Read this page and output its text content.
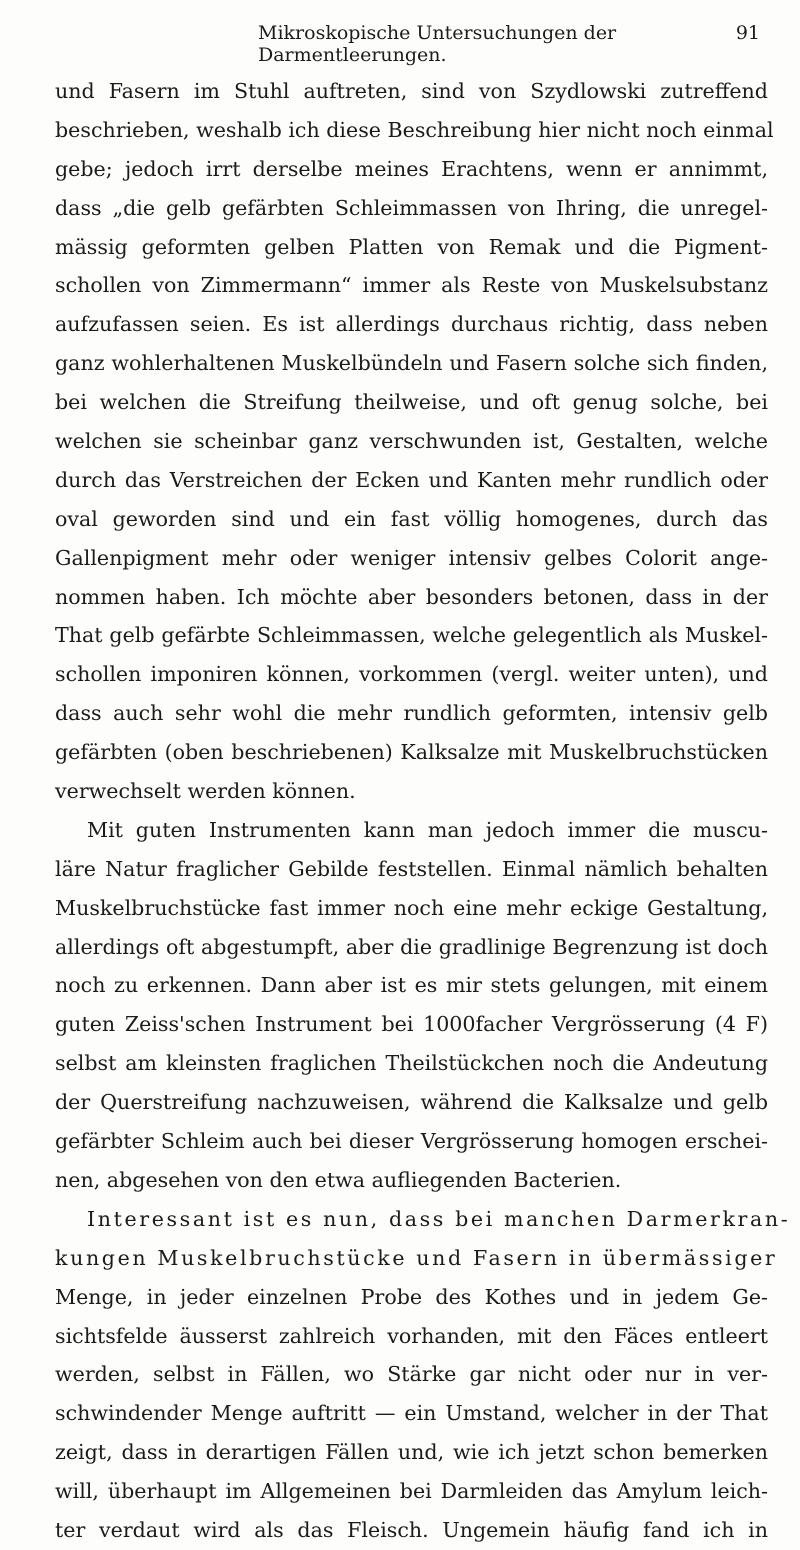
Mikroskopische Untersuchungen der Darmentleerungen.
91
und Fasern im Stuhl auftreten, sind von Szydlowski zutreffend
beschrieben, weshalb ich diese Beschreibung hier nicht noch einmal
gebe; jedoch irrt derselbe meines Erachtens, wenn er annimmt,
dass „die gelb gefärbten Schleimmassen von Ihring, die unregel-
mässig geformten gelben Platten von Remak und die Pigment-
schollen von Zimmermann“ immer als Reste von Muskelsubstanz
aufzufassen seien. Es ist allerdings durchaus richtig, dass neben
ganz wohlerhaltenen Muskelbündeln und Fasern solche sich finden,
bei welchen die Streifung theilweise, und oft genug solche, bei
welchen sie scheinbar ganz verschwunden ist, Gestalten, welche
durch das Verstreichen der Ecken und Kanten mehr rundlich oder
oval geworden sind und ein fast völlig homogenes, durch das
Gallenpigment mehr oder weniger intensiv gelbes Colorit ange-
nommen haben. Ich möchte aber besonders betonen, dass in der
That gelb gefärbte Schleimmassen, welche gelegentlich als Muskel-
schollen imponiren können, vorkommen (vergl. weiter unten), und
dass auch sehr wohl die mehr rundlich geformten, intensiv gelb
gefärbten (oben beschriebenen) Kalksalze mit Muskelbruchstücken
verwechselt werden können.
Mit guten Instrumenten kann man jedoch immer die muscu-
läre Natur fraglicher Gebilde feststellen. Einmal nämlich behalten
Muskelbruchstücke fast immer noch eine mehr eckige Gestaltung,
allerdings oft abgestumpft, aber die gradlinige Begrenzung ist doch
noch zu erkennen. Dann aber ist es mir stets gelungen, mit einem
guten Zeiss'schen Instrument bei 1000facher Vergrösserung (4 F)
selbst am kleinsten fraglichen Theilstückchen noch die Andeutung
der Querstreifung nachzuweisen, während die Kalksalze und gelb
gefärbter Schleim auch bei dieser Vergrösserung homogen erschei-
nen, abgesehen von den etwa aufliegenden Bacterien.
Interessant ist es nun, dass bei manchen Darmerkran-
kungen Muskelbruchstücke und Fasern in übermässiger
Menge, in jeder einzelnen Probe des Kothes und in jedem Ge-
sichtsfelde äusserst zahlreich vorhanden, mit den Fäces entleert
werden, selbst in Fällen, wo Stärke gar nicht oder nur in ver-
schwindender Menge auftritt — ein Umstand, welcher in der That
zeigt, dass in derartigen Fällen und, wie ich jetzt schon bemerken
will, überhaupt im Allgemeinen bei Darmleiden das Amylum leich-
ter verdaut wird als das Fleisch. Ungemein häufig fand ich in
